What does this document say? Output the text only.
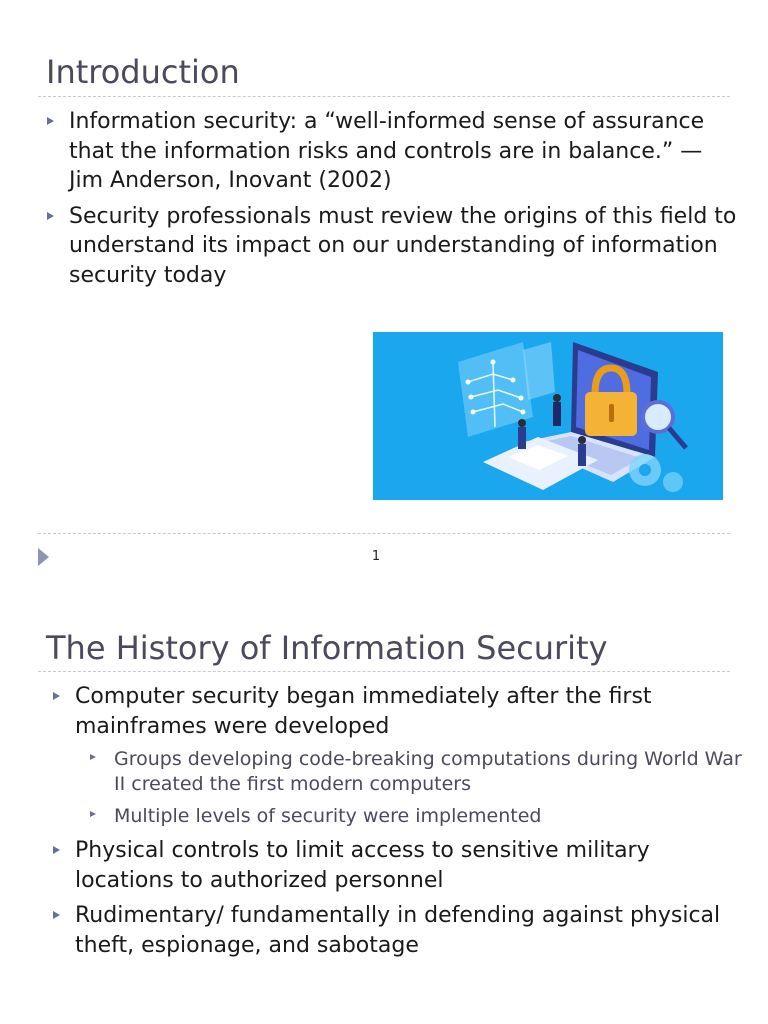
Introduction
Information security: a “well-informed sense of assurance that the information risks and controls are in balance.” — Jim Anderson, Inovant (2002)
Security professionals must review the origins of this field to understand its impact on our understanding of information security today
1
The History of Information Security
Computer security began immediately after the first mainframes were developed
Groups developing code-breaking computations during World War II created the first modern computers
Multiple levels of security were implemented
Physical controls to limit access to sensitive military locations to authorized personnel
Rudimentary/ fundamentally in defending against physical theft, espionage, and sabotage
